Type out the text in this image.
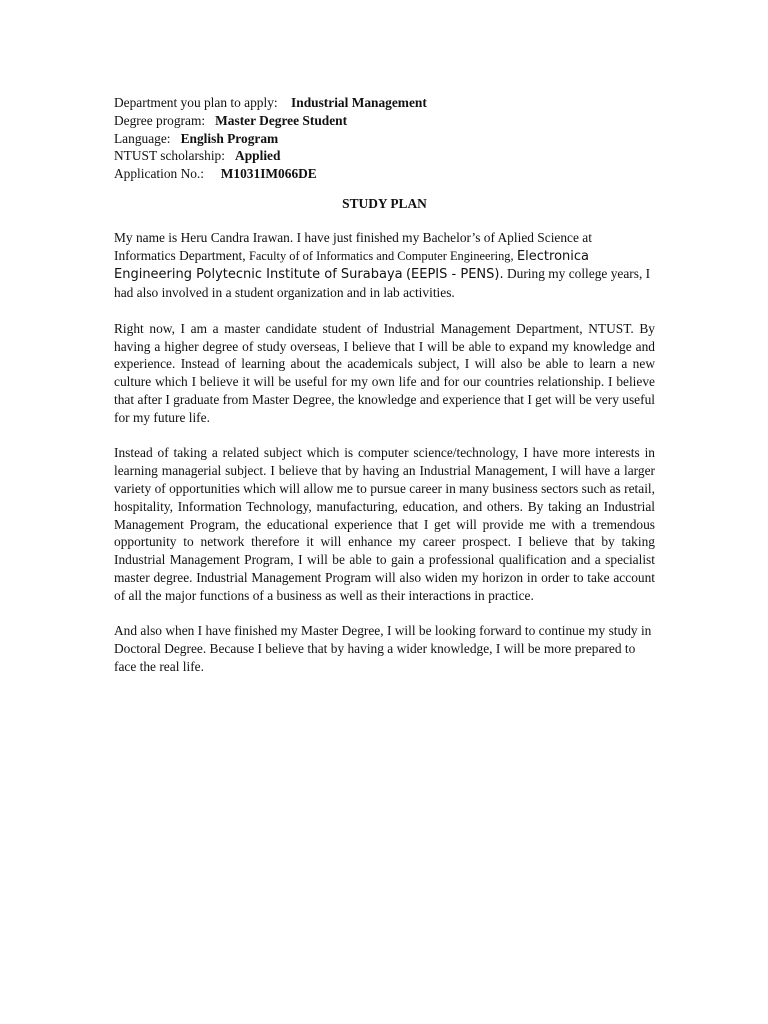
Department you plan to apply: Industrial Management
Degree program: Master Degree Student
Language: English Program
NTUST scholarship: Applied
Application No.: M1031IM066DE
STUDY PLAN

My name is Heru Candra Irawan. I have just finished my Bachelor’s of Aplied Science at Informatics Department, Faculty of of Informatics and Computer Engineering, Electronica Engineering Polytecnic Institute of Surabaya (EEPIS - PENS). During my college years, I had also involved in a student organization and in lab activities.

Right now, I am a master candidate student of Industrial Management Department, NTUST. By having a higher degree of study overseas, I believe that I will be able to expand my knowledge and experience. Instead of learning about the academicals subject, I will also be able to learn a new culture which I believe it will be useful for my own life and for our countries relationship. I believe that after I graduate from Master Degree, the knowledge and experience that I get will be very useful for my future life.

Instead of taking a related subject which is computer science/technology, I have more interests in learning managerial subject. I believe that by having an Industrial Management, I will have a larger variety of opportunities which will allow me to pursue career in many business sectors such as retail, hospitality, Information Technology, manufacturing, education, and others. By taking an Industrial Management Program, the educational experience that I get will provide me with a tremendous opportunity to network therefore it will enhance my career prospect. I believe that by taking Industrial Management Program, I will be able to gain a professional qualification and a specialist master degree. Industrial Management Program will also widen my horizon in order to take account of all the major functions of a business as well as their interactions in practice.

And also when I have finished my Master Degree, I will be looking forward to continue my study in Doctoral Degree. Because I believe that by having a wider knowledge, I will be more prepared to face the real life.
